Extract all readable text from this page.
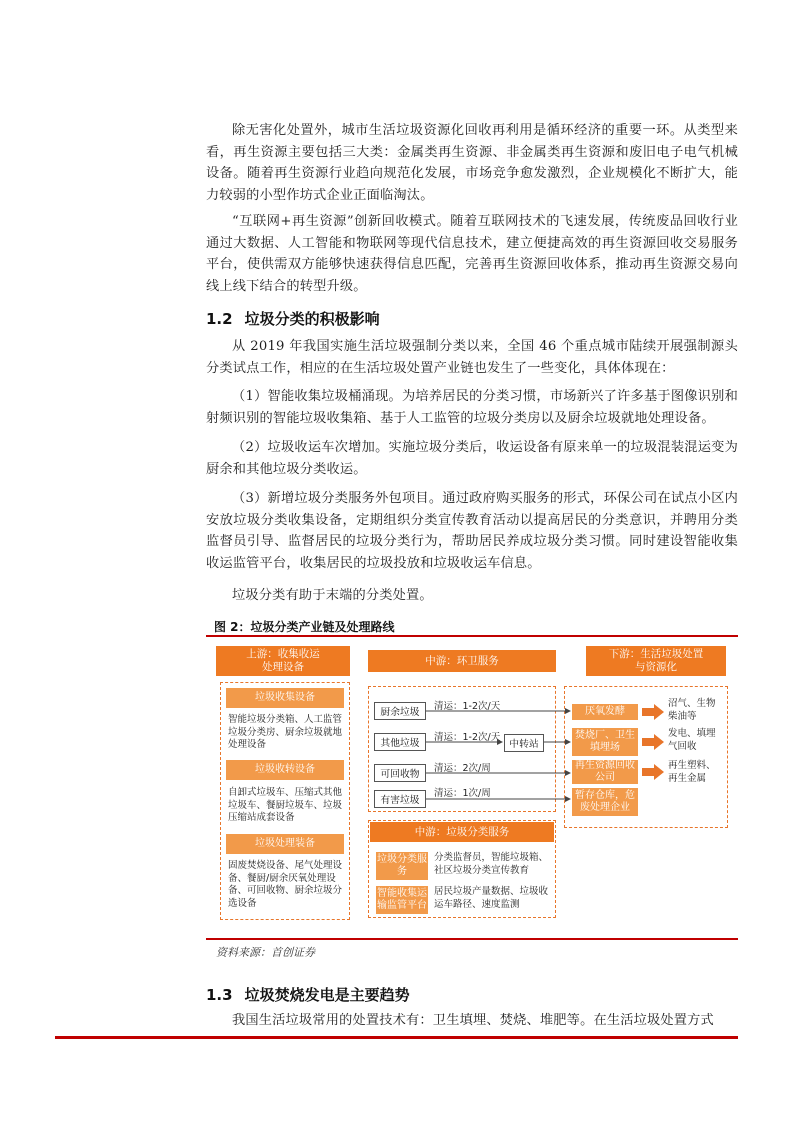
除无害化处置外，城市生活垃圾资源化回收再利用是循环经济的重要一环。从类型来看，再生资源主要包括三大类：金属类再生资源、非金属类再生资源和废旧电子电气机械设备。随着再生资源行业趋向规范化发展，市场竞争愈发激烈，企业规模化不断扩大，能力较弱的小型作坊式企业正面临淘汰。
“互联网+再生资源”创新回收模式。随着互联网技术的飞速发展，传统废品回收行业通过大数据、人工智能和物联网等现代信息技术，建立便捷高效的再生资源回收交易服务平台，使供需双方能够快速获得信息匹配，完善再生资源回收体系，推动再生资源交易向线上线下结合的转型升级。
1.2 垃圾分类的积极影响
从 2019 年我国实施生活垃圾强制分类以来，全国 46 个重点城市陆续开展强制源头分类试点工作，相应的在生活垃圾处置产业链也发生了一些变化，具体体现在：
（1）智能收集垃圾桶涌现。为培养居民的分类习惯，市场新兴了许多基于图像识别和射频识别的智能垃圾收集箱、基于人工监管的垃圾分类房以及厨余垃圾就地处理设备。
（2）垃圾收运车次增加。实施垃圾分类后，收运设备有原来单一的垃圾混装混运变为厨余和其他垃圾分类收运。
（3）新增垃圾分类服务外包项目。通过政府购买服务的形式，环保公司在试点小区内安放垃圾分类收集设备，定期组织分类宣传教育活动以提高居民的分类意识，并聘用分类监督员引导、监督居民的垃圾分类行为，帮助居民养成垃圾分类习惯。同时建设智能收集收运监管平台，收集居民的垃圾投放和垃圾收运车信息。
垃圾分类有助于末端的分类处置。
图 2：垃圾分类产业链及处理路线
上游：收集收运
处理设备
中游：环卫服务
下游：生活垃圾处置
与资源化
垃圾收集设备
智能垃圾分类箱、人工监管垃圾分类房、厨余垃圾就地处理设备
垃圾收转设备
自卸式垃圾车、压缩式其他垃圾车、餐厨垃圾车、垃圾压缩站成套设备
垃圾处理装备
固废焚烧设备、尾气处理设备、餐厨/厨余厌氧处理设备、可回收物、厨余垃圾分选设备
厨余垃圾
其他垃圾
可回收物
有害垃圾
清运：1-2次/天
清运：1-2次/天
清运：2次/周
清运：1次/周
中转站
厌氧发酵
焚烧厂、卫生填埋场
再生资源回收公司
暂存仓库，危废处理企业
沼气、生物柴油等
发电、填埋气回收
再生塑料、再生金属
中游：垃圾分类服务
垃圾分类服务
分类监督员，智能垃圾箱、社区垃圾分类宣传教育
智能收集运输监管平台
居民垃圾产量数据、垃圾收运车路径、速度监测
资料来源：首创证券
1.3 垃圾焚烧发电是主要趋势
我国生活垃圾常用的处置技术有：卫生填埋、焚烧、堆肥等。在生活垃圾处置方式
